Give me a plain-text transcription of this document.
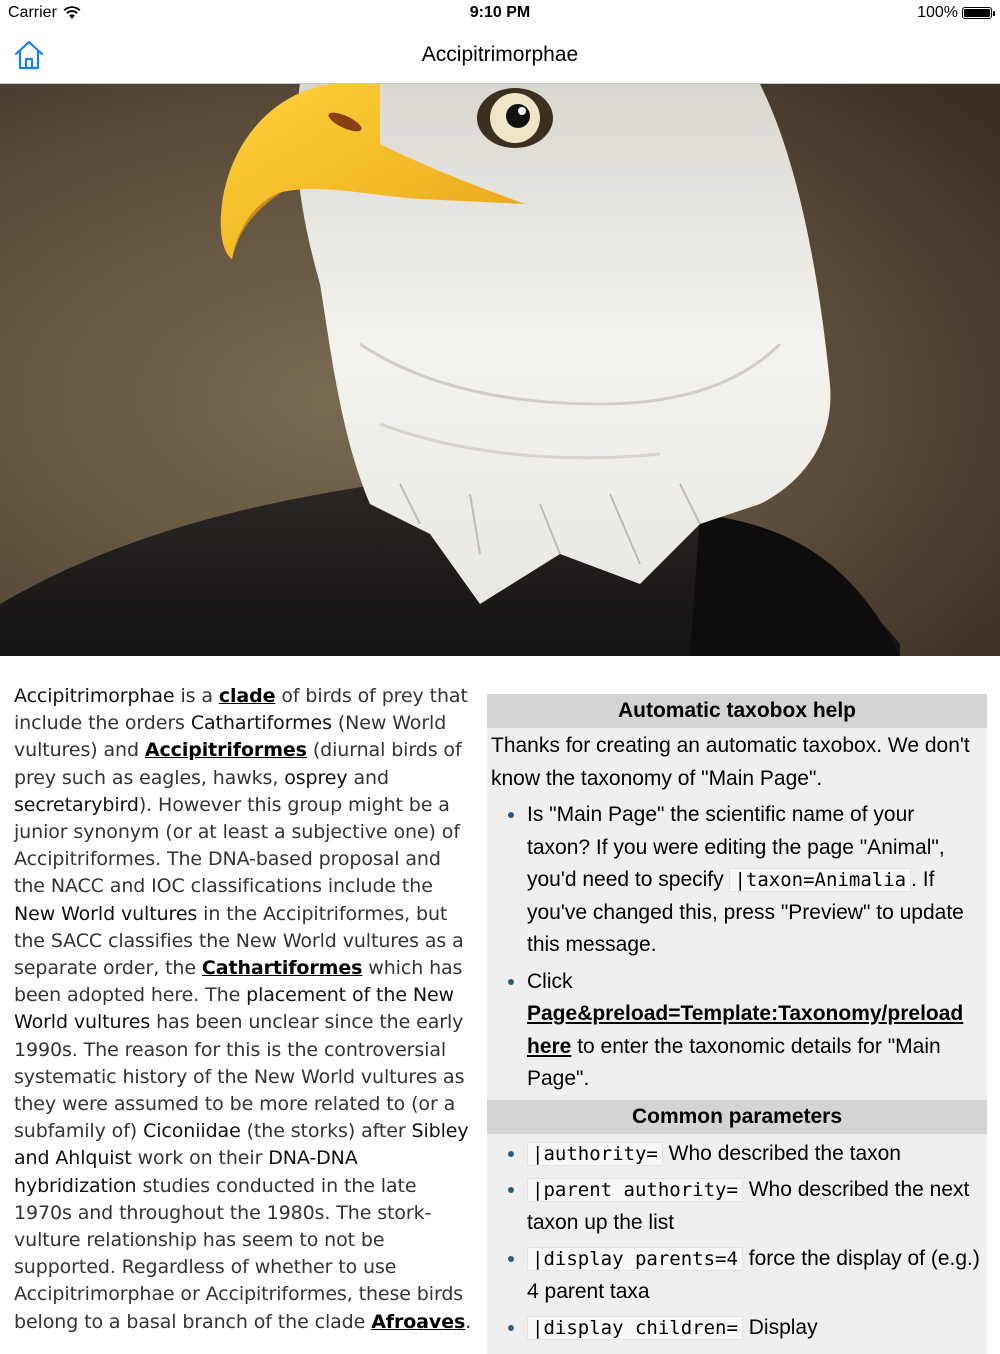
Carrier	9:10 PM	100%
Accipitrimorphae
Accipitrimorphae is a clade of birds of prey that include the orders Cathartiformes (New World vultures) and Accipitriformes (diurnal birds of prey such as eagles, hawks, osprey and secretarybird). However this group might be a junior synonym (or at least a subjective one) of Accipitriformes. The DNA-based proposal and the NACC and IOC classifications include the New World vultures in the Accipitriformes, but the SACC classifies the New World vultures as a separate order, the Cathartiformes which has been adopted here. The placement of the New World vultures has been unclear since the early 1990s. The reason for this is the controversial systematic history of the New World vultures as they were assumed to be more related to (or a subfamily of) Ciconiidae (the storks) after Sibley and Ahlquist work on their DNA-DNA hybridization studies conducted in the late 1970s and throughout the 1980s. The stork-vulture relationship has seem to not be supported. Regardless of whether to use Accipitrimorphae or Accipitriformes, these birds belong to a basal branch of the clade Afroaves.
Automatic taxobox help
Thanks for creating an automatic taxobox. We don't know the taxonomy of "Main Page".
• Is "Main Page" the scientific name of your taxon? If you were editing the page "Animal", you'd need to specify |taxon=Animalia . If you've changed this, press "Preview" to update this message.
• Click Page&preload=Template:Taxonomy/preload here to enter the taxonomic details for "Main Page".
Common parameters
• |authority= Who described the taxon
• |parent authority= Who described the next taxon up the list
• |display parents=4 force the display of (e.g.) 4 parent taxa
• |display children= Display
